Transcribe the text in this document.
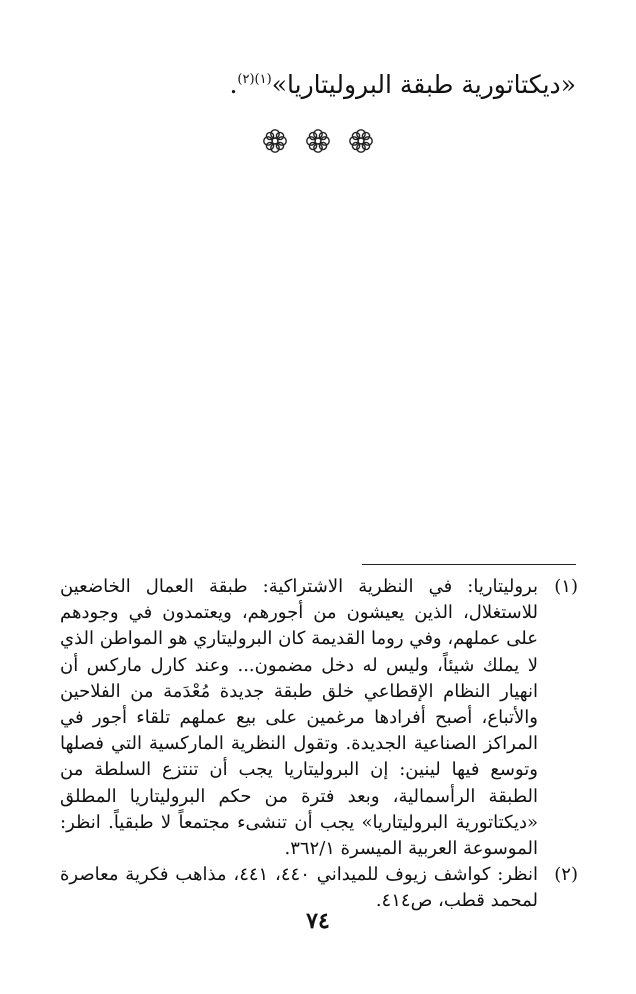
«ديكتاتورية طبقة البروليتاريا»$^{(١)(٢)}$.

(١)
بروليتاريا: في النظرية الاشتراكية: طبقة العمال الخاضعين للاستغلال، الذين يعيشون من أجورهم، ويعتمدون في وجودهم على عملهم، وفي روما القديمة كان البروليتاري هو المواطن الذي لا يملك شيئاً، وليس له دخل مضمون... وعند كارل ماركس أن انهيار النظام الإقطاعي خلق طبقة جديدة مُعْدَمة من الفلاحين والأتباع، أصبح أفرادها مرغمين على بيع عملهم تلقاء أجور في المراكز الصناعية الجديدة. وتقول النظرية الماركسية التي فصلها وتوسع فيها لينين: إن البروليتاريا يجب أن تنتزع السلطة من الطبقة الرأسمالية، وبعد فترة من حكم البروليتاريا المطلق «ديكتاتورية البروليتاريا» يجب أن تنشىء مجتمعاً لا طبقياً. انظر: الموسوعة العربية الميسرة ٣٦٢/١.
(٢)
انظر: كواشف زيوف للميداني ٤٤٠، ٤٤١، مذاهب فكرية معاصرة لمحمد قطب، ص٤١٤.
٧٤
